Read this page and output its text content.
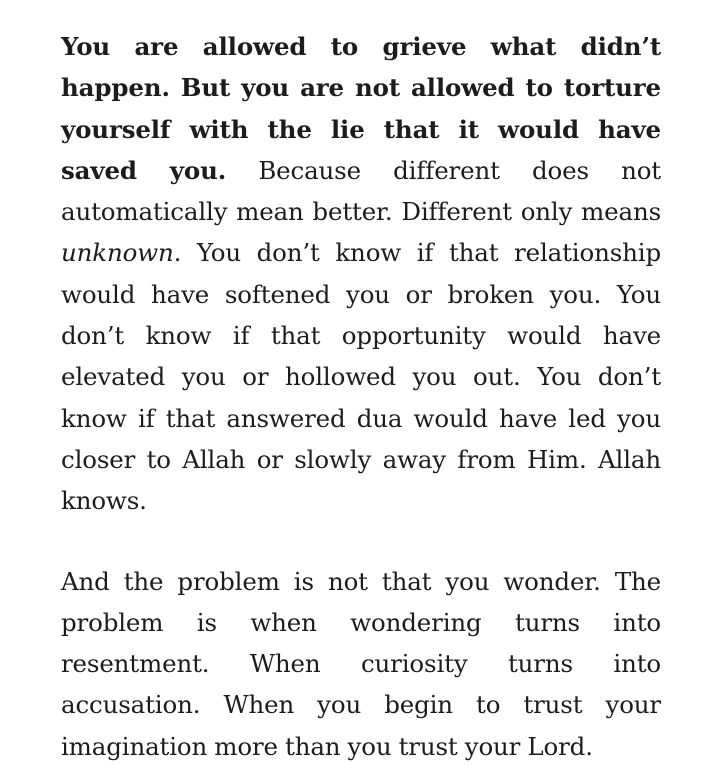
You are allowed to grieve what didn’t happen. But you are not allowed to torture yourself with the lie that it would have saved you. Because different does not automatically mean better. Different only means unknown. You don’t know if that relationship would have softened you or broken you. You don’t know if that opportunity would have elevated you or hollowed you out. You don’t know if that answered dua would have led you closer to Allah or slowly away from Him. Allah knows.

And the problem is not that you wonder. The problem is when wondering turns into resentment. When curiosity turns into accusation. When you begin to trust your imagination more than you trust your Lord.
